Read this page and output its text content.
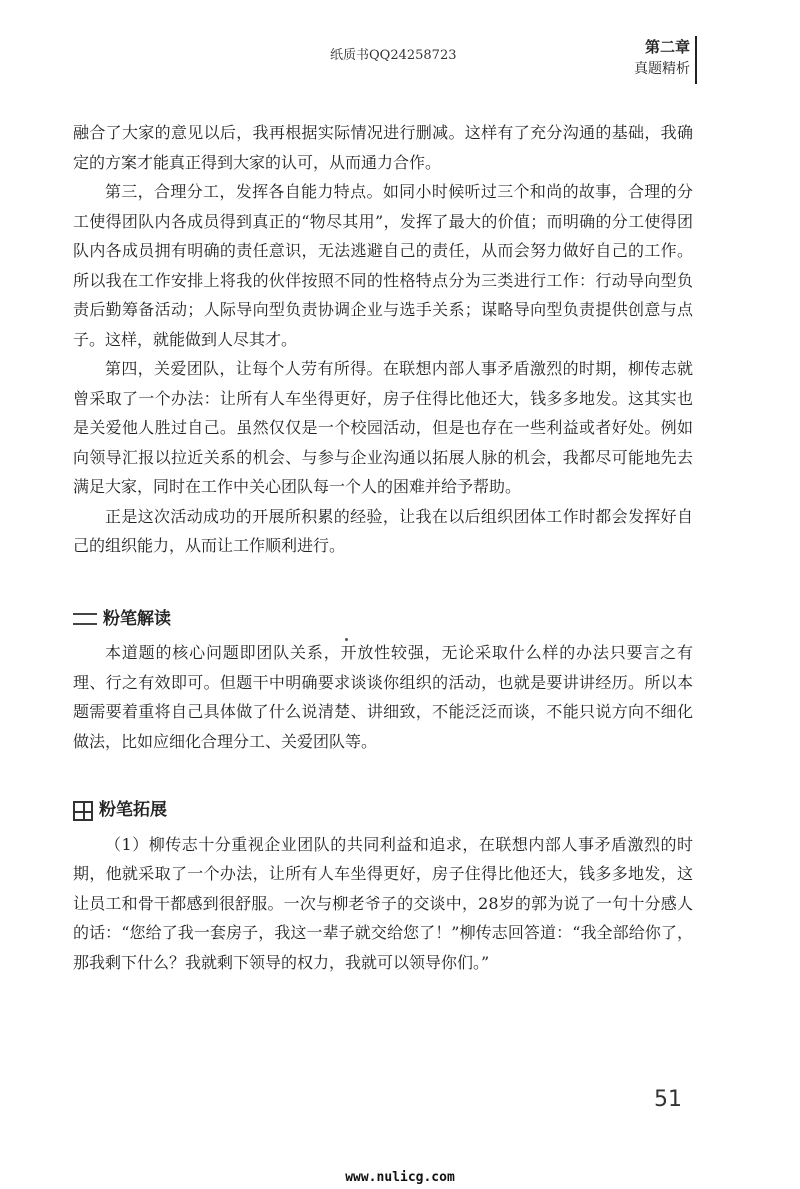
纸质书QQ24258723	第二章
真题精析

融合了大家的意见以后，我再根据实际情况进行删减。这样有了充分沟通的基础，我确定的方案才能真正得到大家的认可，从而通力合作。

第三，合理分工，发挥各自能力特点。如同小时候听过三个和尚的故事，合理的分工使得团队内各成员得到真正的“物尽其用”，发挥了最大的价值；而明确的分工使得团队内各成员拥有明确的责任意识，无法逃避自己的责任，从而会努力做好自己的工作。所以我在工作安排上将我的伙伴按照不同的性格特点分为三类进行工作：行动导向型负责后勤筹备活动；人际导向型负责协调企业与选手关系；谋略导向型负责提供创意与点子。这样，就能做到人尽其才。

第四，关爱团队，让每个人劳有所得。在联想内部人事矛盾激烈的时期，柳传志就曾采取了一个办法：让所有人车坐得更好，房子住得比他还大，钱多多地发。这其实也是关爱他人胜过自己。虽然仅仅是一个校园活动，但是也存在一些利益或者好处。例如向领导汇报以拉近关系的机会、与参与企业沟通以拓展人脉的机会，我都尽可能地先去满足大家，同时在工作中关心团队每一个人的困难并给予帮助。

正是这次活动成功的开展所积累的经验，让我在以后组织团体工作时都会发挥好自己的组织能力，从而让工作顺利进行。

粉笔解读

本道题的核心问题即团队关系，开放性较强，无论采取什么样的办法只要言之有理、行之有效即可。但题干中明确要求谈谈你组织的活动，也就是要讲讲经历。所以本题需要着重将自己具体做了什么说清楚、讲细致，不能泛泛而谈，不能只说方向不细化做法，比如应细化合理分工、关爱团队等。

粉笔拓展

（1）柳传志十分重视企业团队的共同利益和追求，在联想内部人事矛盾激烈的时期，他就采取了一个办法，让所有人车坐得更好，房子住得比他还大，钱多多地发，这让员工和骨干都感到很舒服。一次与柳老爷子的交谈中，28岁的郭为说了一句十分感人的话：“您给了我一套房子，我这一辈子就交给您了！”柳传志回答道：“我全部给你了，那我剩下什么？我就剩下领导的权力，我就可以领导你们。”

51
www.nulicg.com
